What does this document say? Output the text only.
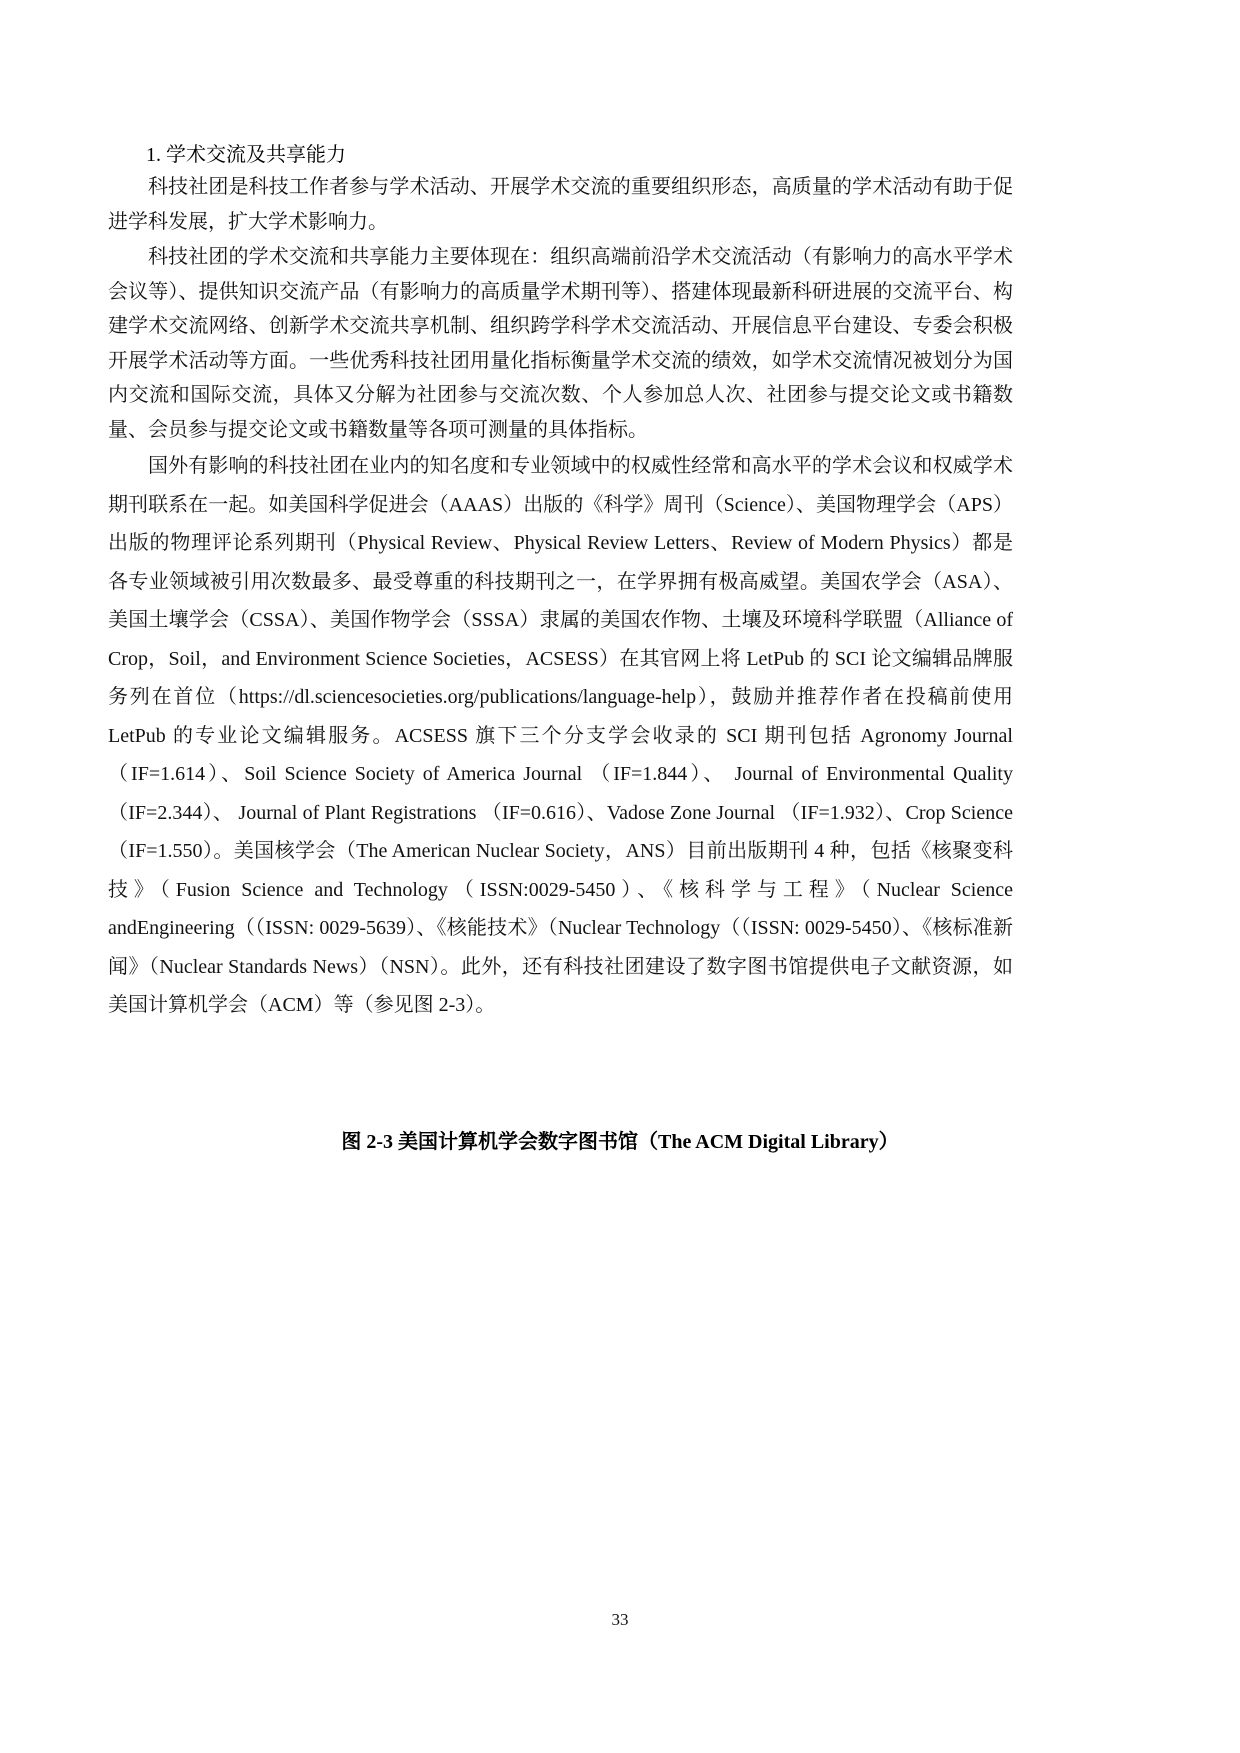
1. 学术交流及共享能力

科技社团是科技工作者参与学术活动、开展学术交流的重要组织形态，高质量的学术活动有助于促进学科发展，扩大学术影响力。

科技社团的学术交流和共享能力主要体现在：组织高端前沿学术交流活动（有影响力的高水平学术会议等）、提供知识交流产品（有影响力的高质量学术期刊等）、搭建体现最新科研进展的交流平台、构建学术交流网络、创新学术交流共享机制、组织跨学科学术交流活动、开展信息平台建设、专委会积极开展学术活动等方面。一些优秀科技社团用量化指标衡量学术交流的绩效，如学术交流情况被划分为国内交流和国际交流，具体又分解为社团参与交流次数、个人参加总人次、社团参与提交论文或书籍数量、会员参与提交论文或书籍数量等各项可测量的具体指标。

国外有影响的科技社团在业内的知名度和专业领域中的权威性经常和高水平的学术会议和权威学术期刊联系在一起。如美国科学促进会（AAAS）出版的《科学》周刊（Science）、美国物理学会（APS）出版的物理评论系列期刊（Physical Review、Physical Review Letters、Review of Modern Physics）都是各专业领域被引用次数最多、最受尊重的科技期刊之一，在学界拥有极高威望。美国农学会（ASA）、美国土壤学会（CSSA）、美国作物学会（SSSA）隶属的美国农作物、土壤及环境科学联盟（Alliance of Crop，Soil，and Environment Science Societies，ACSESS）在其官网上将 LetPub 的 SCI 论文编辑品牌服务列在首位（https://dl.sciencesocieties.org/publications/language-help），鼓励并推荐作者在投稿前使用 LetPub 的专业论文编辑服务。ACSESS 旗下三个分支学会收录的 SCI 期刊包括 Agronomy Journal（IF=1.614）、Soil Science Society of America Journal （IF=1.844）、 Journal of Environmental Quality （IF=2.344）、 Journal of Plant Registrations （IF=0.616）、Vadose Zone Journal （IF=1.932）、Crop Science （IF=1.550）。美国核学会（The American Nuclear Society，ANS）目前出版期刊 4 种，包括《核聚变科技》（Fusion Science and Technology（ISSN:0029-5450）、《核科学与工程》（Nuclear Science andEngineering（（ISSN: 0029-5639）、《核能技术》（Nuclear Technology（（ISSN: 0029-5450）、《核标准新闻》（Nuclear Standards News）（NSN）。此外，还有科技社团建设了数字图书馆提供电子文献资源，如美国计算机学会（ACM）等（参见图 2-3）。

图 2-3 美国计算机学会数字图书馆（The ACM Digital Library）
33
